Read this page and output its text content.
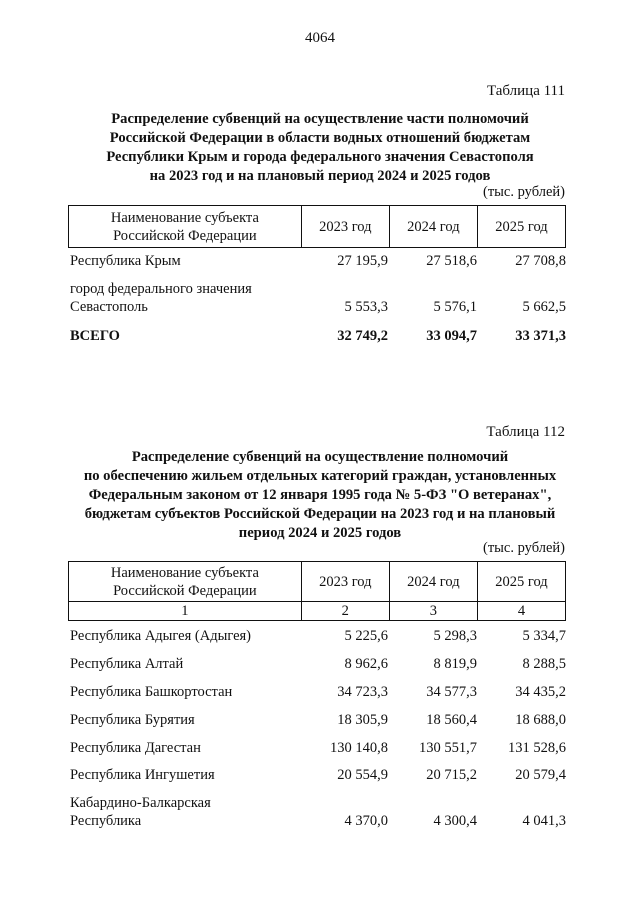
4064
Таблица 111
Распределение субвенций на осуществление части полномочий
Российской Федерации в области водных отношений бюджетам
Республики Крым и города федерального значения Севастополя
на 2023 год и на плановый период 2024 и 2025 годов
(тыс. рублей)
Наименование субъекта
Российской Федерации
	2023 год	2024 год	2025 год
Республика Крым	27 195,9	27 518,6	27 708,8
город федерального значения
Севастополь	5 553,3	5 576,1	5 662,5
ВСЕГО	32 749,2	33 094,7	33 371,3
Таблица 112
Распределение субвенций на осуществление полномочий
по обеспечению жильем отдельных категорий граждан, установленных
Федеральным законом от 12 января 1995 года № 5-ФЗ "О ветеранах",
бюджетам субъектов Российской Федерации на 2023 год и на плановый
период 2024 и 2025 годов
(тыс. рублей)
Наименование субъекта
Российской Федерации	2023 год	2024 год	2025 год
1	2	3	4
Республика Адыгея (Адыгея)	5 225,6	5 298,3	5 334,7
Республика Алтай	8 962,6	8 819,9	8 288,5
Республика Башкортостан	34 723,3	34 577,3	34 435,2
Республика Бурятия	18 305,9	18 560,4	18 688,0
Республика Дагестан	130 140,8	130 551,7	131 528,6
Республика Ингушетия	20 554,9	20 715,2	20 579,4
Кабардино-Балкарская
Республика	4 370,0	4 300,4	4 041,3
